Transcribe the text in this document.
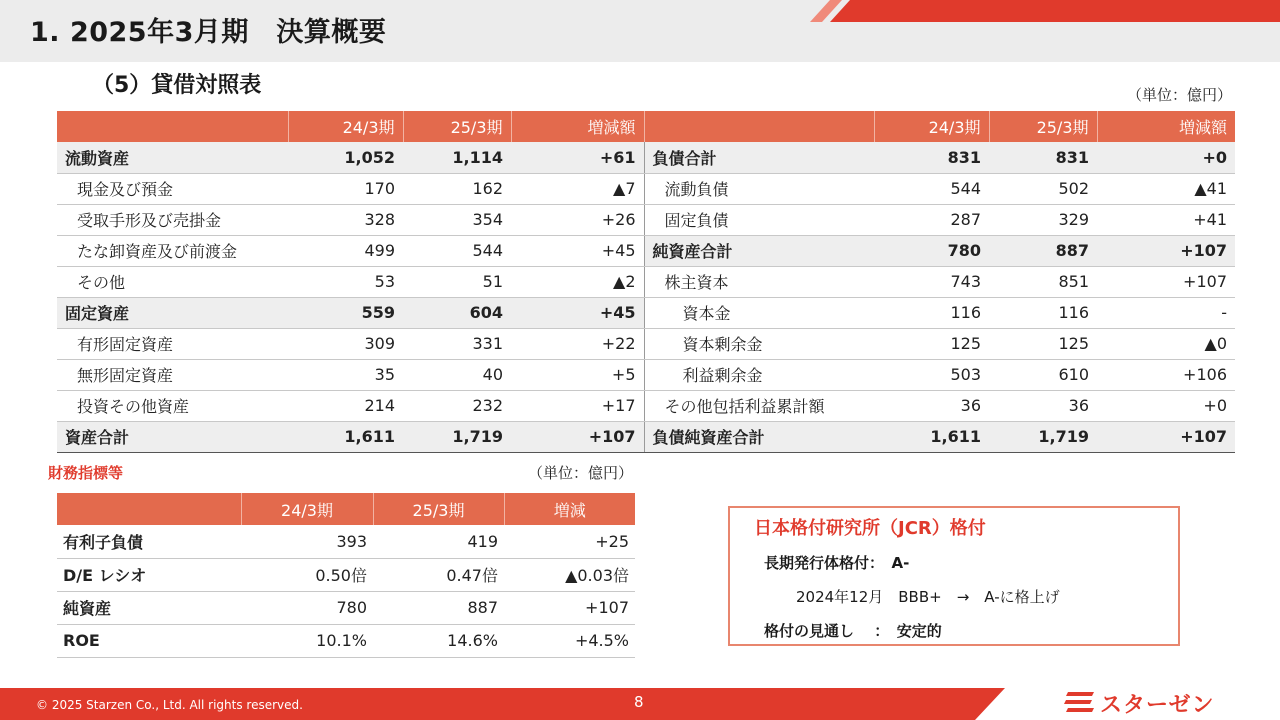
1. 2025年3月期　決算概要
（5）貸借対照表	（単位：億円）
	24/3期	25/3期	増減額		24/3期	25/3期	増減額
流動資産	1,052	1,114	+61	負債合計	831	831	+0
現金及び預金	170	162	▲7	流動負債	544	502	▲41
受取手形及び売掛金	328	354	+26	固定負債	287	329	+41
たな卸資産及び前渡金	499	544	+45	純資産合計	780	887	+107
その他	53	51	▲2	株主資本	743	851	+107
固定資産	559	604	+45	資本金	116	116	-
有形固定資産	309	331	+22	資本剰余金	125	125	▲0
無形固定資産	35	40	+5	利益剰余金	503	610	+106
投資その他資産	214	232	+17	その他包括利益累計額	36	36	+0
資産合計	1,611	1,719	+107	負債純資産合計	1,611	1,719	+107
財務指標等	（単位：億円）
	24/3期	25/3期	増減
有利子負債	393	419	+25
D/E レシオ	0.50倍	0.47倍	▲0.03倍
純資産	780	887	+107
ROE	10.1%	14.6%	+4.5%
日本格付研究所（JCR）格付
長期発行体格付：　A-
2024年12月　BBB+　→　A-に格上げ
格付の見通し　 ：　安定的
© 2025 Starzen Co., Ltd. All rights reserved.	8	スターゼン
